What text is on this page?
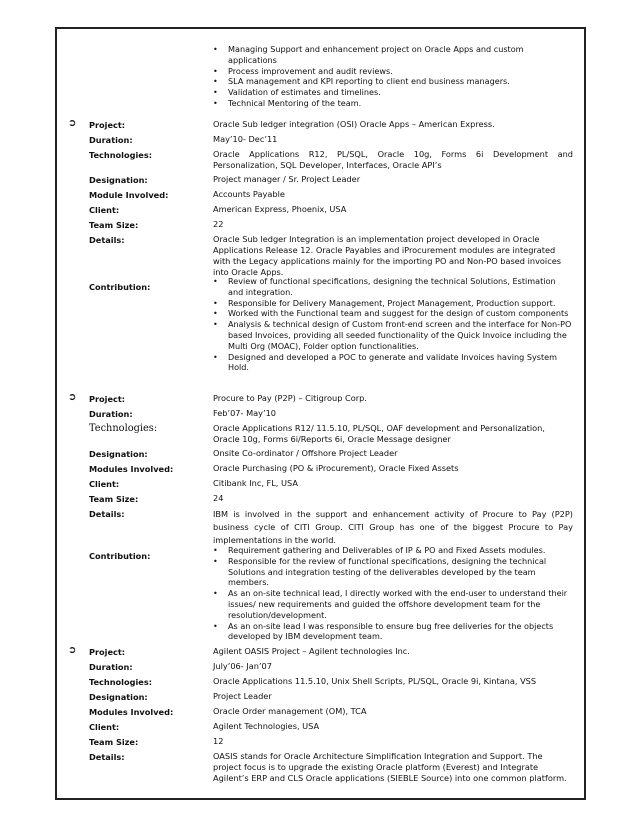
• Managing Support and enhancement project on Oracle Apps and custom applications
• Process improvement and audit reviews.
• SLA management and KPI reporting to client end business managers.
• Validation of estimates and timelines.
• Technical Mentoring of the team.
➲ Project:	Oracle Sub ledger integration (OSI) Oracle Apps – American Express.
Duration:	May’10- Dec’11
Technologies:	Oracle Applications R12, PL/SQL, Oracle 10g, Forms 6i Development and Personalization, SQL Developer, Interfaces, Oracle API’s
Designation:	Project manager / Sr. Project Leader
Module Involved:	Accounts Payable
Client:	American Express, Phoenix, USA
Team Size:	22
Details:	Oracle Sub ledger Integration is an implementation project developed in Oracle Applications Release 12. Oracle Payables and iProcurement modules are integrated with the Legacy applications mainly for the importing PO and Non-PO based invoices into Oracle Apps.
Contribution:
• Review of functional specifications, designing the technical Solutions, Estimation and integration.
• Responsible for Delivery Management, Project Management, Production support.
• Worked with the Functional team and suggest for the design of custom components
• Analysis & technical design of Custom front-end screen and the interface for Non-PO based Invoices, providing all seeded functionality of the Quick Invoice including the Multi Org (MOAC), Folder option functionalities.
• Designed and developed a POC to generate and validate Invoices having System Hold.
➲ Project:	Procure to Pay (P2P) – Citigroup Corp.
Duration:	Feb’07- May’10
Technologies:	Oracle Applications R12/ 11.5.10, PL/SQL, OAF development and Personalization, Oracle 10g, Forms 6i/Reports 6i, Oracle Message designer
Designation:	Onsite Co-ordinator / Offshore Project Leader
Modules Involved:	Oracle Purchasing (PO & iProcurement), Oracle Fixed Assets
Client:	Citibank Inc, FL, USA
Team Size:	24
Details:	IBM is involved in the support and enhancement activity of Procure to Pay (P2P) business cycle of CITI Group. CITI Group has one of the biggest Procure to Pay implementations in the world.
Contribution:
• Requirement gathering and Deliverables of IP & PO and Fixed Assets modules.
• Responsible for the review of functional specifications, designing the technical Solutions and integration testing of the deliverables developed by the team members.
• As an on-site technical lead, I directly worked with the end-user to understand their issues/ new requirements and guided the offshore development team for the resolution/development.
• As an on-site lead I was responsible to ensure bug free deliveries for the objects developed by IBM development team.
➲ Project:	Agilent OASIS Project – Agilent technologies Inc.
Duration:	July’06- Jan’07
Technologies:	Oracle Applications 11.5.10, Unix Shell Scripts, PL/SQL, Oracle 9i, Kintana, VSS
Designation:	Project Leader
Modules Involved:	Oracle Order management (OM), TCA
Client:	Agilent Technologies, USA
Team Size:	12
Details:	OASIS stands for Oracle Architecture Simplification Integration and Support. The project focus is to upgrade the existing Oracle platform (Everest) and Integrate Agilent’s ERP and CLS Oracle applications (SIEBLE Source) into one common platform.
